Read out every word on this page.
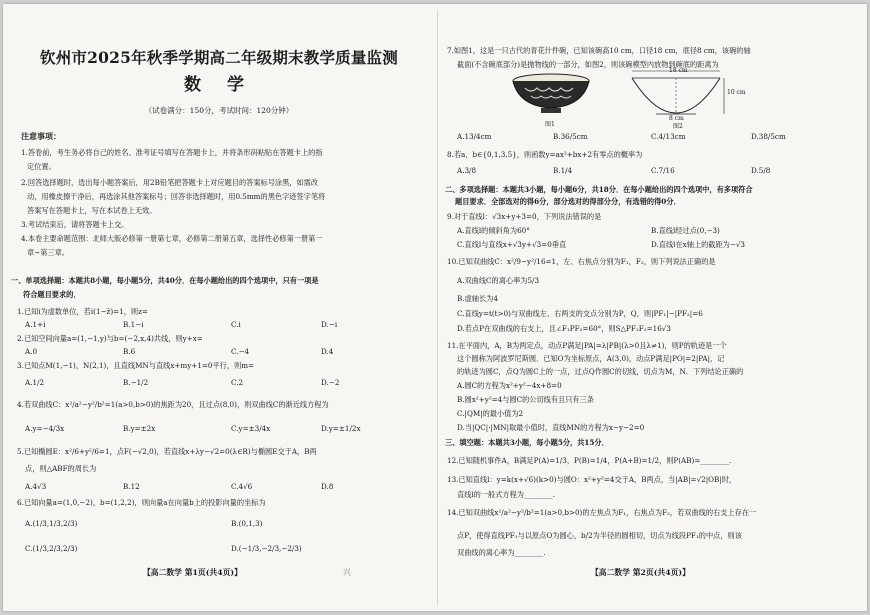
钦州市2025年秋季学期高二年级期末教学质量监测
数 学
（试卷满分：150分，考试时间：120分钟）
注意事项：
1.答卷前，考生务必将自己的姓名、准考证号填写在答题卡上，并将条形码粘贴在答题卡上的指
定位置。
2.回答选择题时，选出每小题答案后，用2B铅笔把答题卡上对应题目的答案标号涂黑，如需改
动，用橡皮擦干净后，再选涂其他答案标号；回答非选择题时，用0.5mm的黑色字迹签字笔将
答案写在答题卡上，写在本试卷上无效。
3.考试结束后，请将答题卡上交。
4.本卷主要命题范围：北师大版必修第一册第七章，必修第二册第五章，选择性必修第一册第一
章~第三章。
一、单项选择题：本题共8小题，每小题5分，共40分．在每小题给出的四个选项中，只有一项是
符合题目要求的．
1.已知i为虚数单位，若i(1−z̄)=1，则z=
A.1+i	B.1−i	C.i	D.−i
2.已知空间向量a=(1,−1,y)与b=(−2,x,4)共线，则y+x=
A.0	B.6	C.−4	D.4
3.已知点M(1,−1)，N(2,1)，且直线MN与直线x+my+1=0平行，则m=
A.1/2	B.−1/2	C.2	D.−2
4.若双曲线C：x²/a²−y²/b²=1(a>0,b>0)的焦距为20，且过点(8,0)，则双曲线C的渐近线方程为
A.y=−4/3x	B.y=±2x	C.y=±3/4x	D.y=±1/2x
5.已知椭圆E：x²/6+y²/6=1，点F(−√2,0)，若直线x+λy−√2=0(λ∈R)与椭圆E交于A，B两
点，则△ABF的周长为
A.4√3	B.12	C.4√6	D.8
6.已知向量a=(1,0,−2)，b=(1,2,2)，则向量a在向量b上的投影向量的坐标为
A.(1/3,1/3,2/3)	B.(0,1,3)
C.(1/3,2/3,2/3)	D.(−1/3,−2/3,−2/3)
【高二数学 第1页(共4页)】	兴
7.如图1，这是一只古代的青花什件碗，已知该碗高10 cm，口径18 cm，底径8 cm，该碗的轴
截面(不含碗底部分)是抛物线的一部分，如图2，则该碗模型内放物到碗底的距离为
图1
18 cm
10 cm
8 cm
图2
A.13/4cm	B.36/5cm	C.4/13cm	D.38/5cm
8.若a，b∈{0,1,3,5}，则函数y=ax²+bx+2有零点的概率为
A.3/8	B.1/4	C.7/16	D.5/8
二、多项选择题：本题共3小题，每小题6分，共18分．在每小题给出的四个选项中，有多项符合
题目要求．全部选对的得6分，部分选对的得部分分，有选错的得0分．
9.对于直线l：√3x+y+3=0，下列说法错误的是
A.直线l的倾斜角为60°	B.直线l经过点(0,−3)
C.直线l与直线x+√3y+√3=0垂直	D.直线l在x轴上的截距为−√3
10.已知双曲线C：x²/9−y²/16=1，左、右焦点分别为F₁，F₂，则下列说法正确的是
A.双曲线C的离心率为5/3
B.虚轴长为4
C.直线y=t(t>0)与双曲线左、右两支的交点分别为P，Q，则|PF₁|−|PF₂|=6
D.若点P在双曲线的右支上，且∠F₁PF₂=60°，则S△PF₁F₂=16√3
11.在平面内，A，B为两定点，动点P满足|PA|=λ|PB|(λ>0且λ≠1)，则P的轨迹是一个
这个圆称为阿波罗尼斯圆．已知O为坐标原点，A(3,0)，动点P满足|PO|=2|PA|，记
的轨迹为圆C，点Q为圆C上的一点，过点Q作圆C的切线，切点为M，N．下列结论正确的
A.圆C的方程为x²+y²−4x+8=0
B.圆x²+y²=4与圆C的公切线有且只有三条
C.|QM|的最小值为2
D.当|QC|·|MN|取最小值时，直线MN的方程为x−y−2=0
三、填空题：本题共3小题，每小题5分，共15分．
12.已知随机事件A，B满足P(A)=1/3，P(B)=1/4，P(A+B)=1/2，则P(AB)=________.
13.已知直线l：y=k(x+√6)(k>0)与圆O：x²+y²=4交于A，B两点，当|AB|=√2|OB|时，
直线l的一般式方程为________.
14.已知双曲线x²/a²−y²/b²=1(a>0,b>0)的左焦点为F₁，右焦点为F₂，若双曲线的右支上存在一
点P，使得直线PF₁与以原点O为圆心，b/2为半径的圆相切，切点为线段PF₁的中点，则该
双曲线的离心率为________.
【高二数学 第2页(共4页)】
